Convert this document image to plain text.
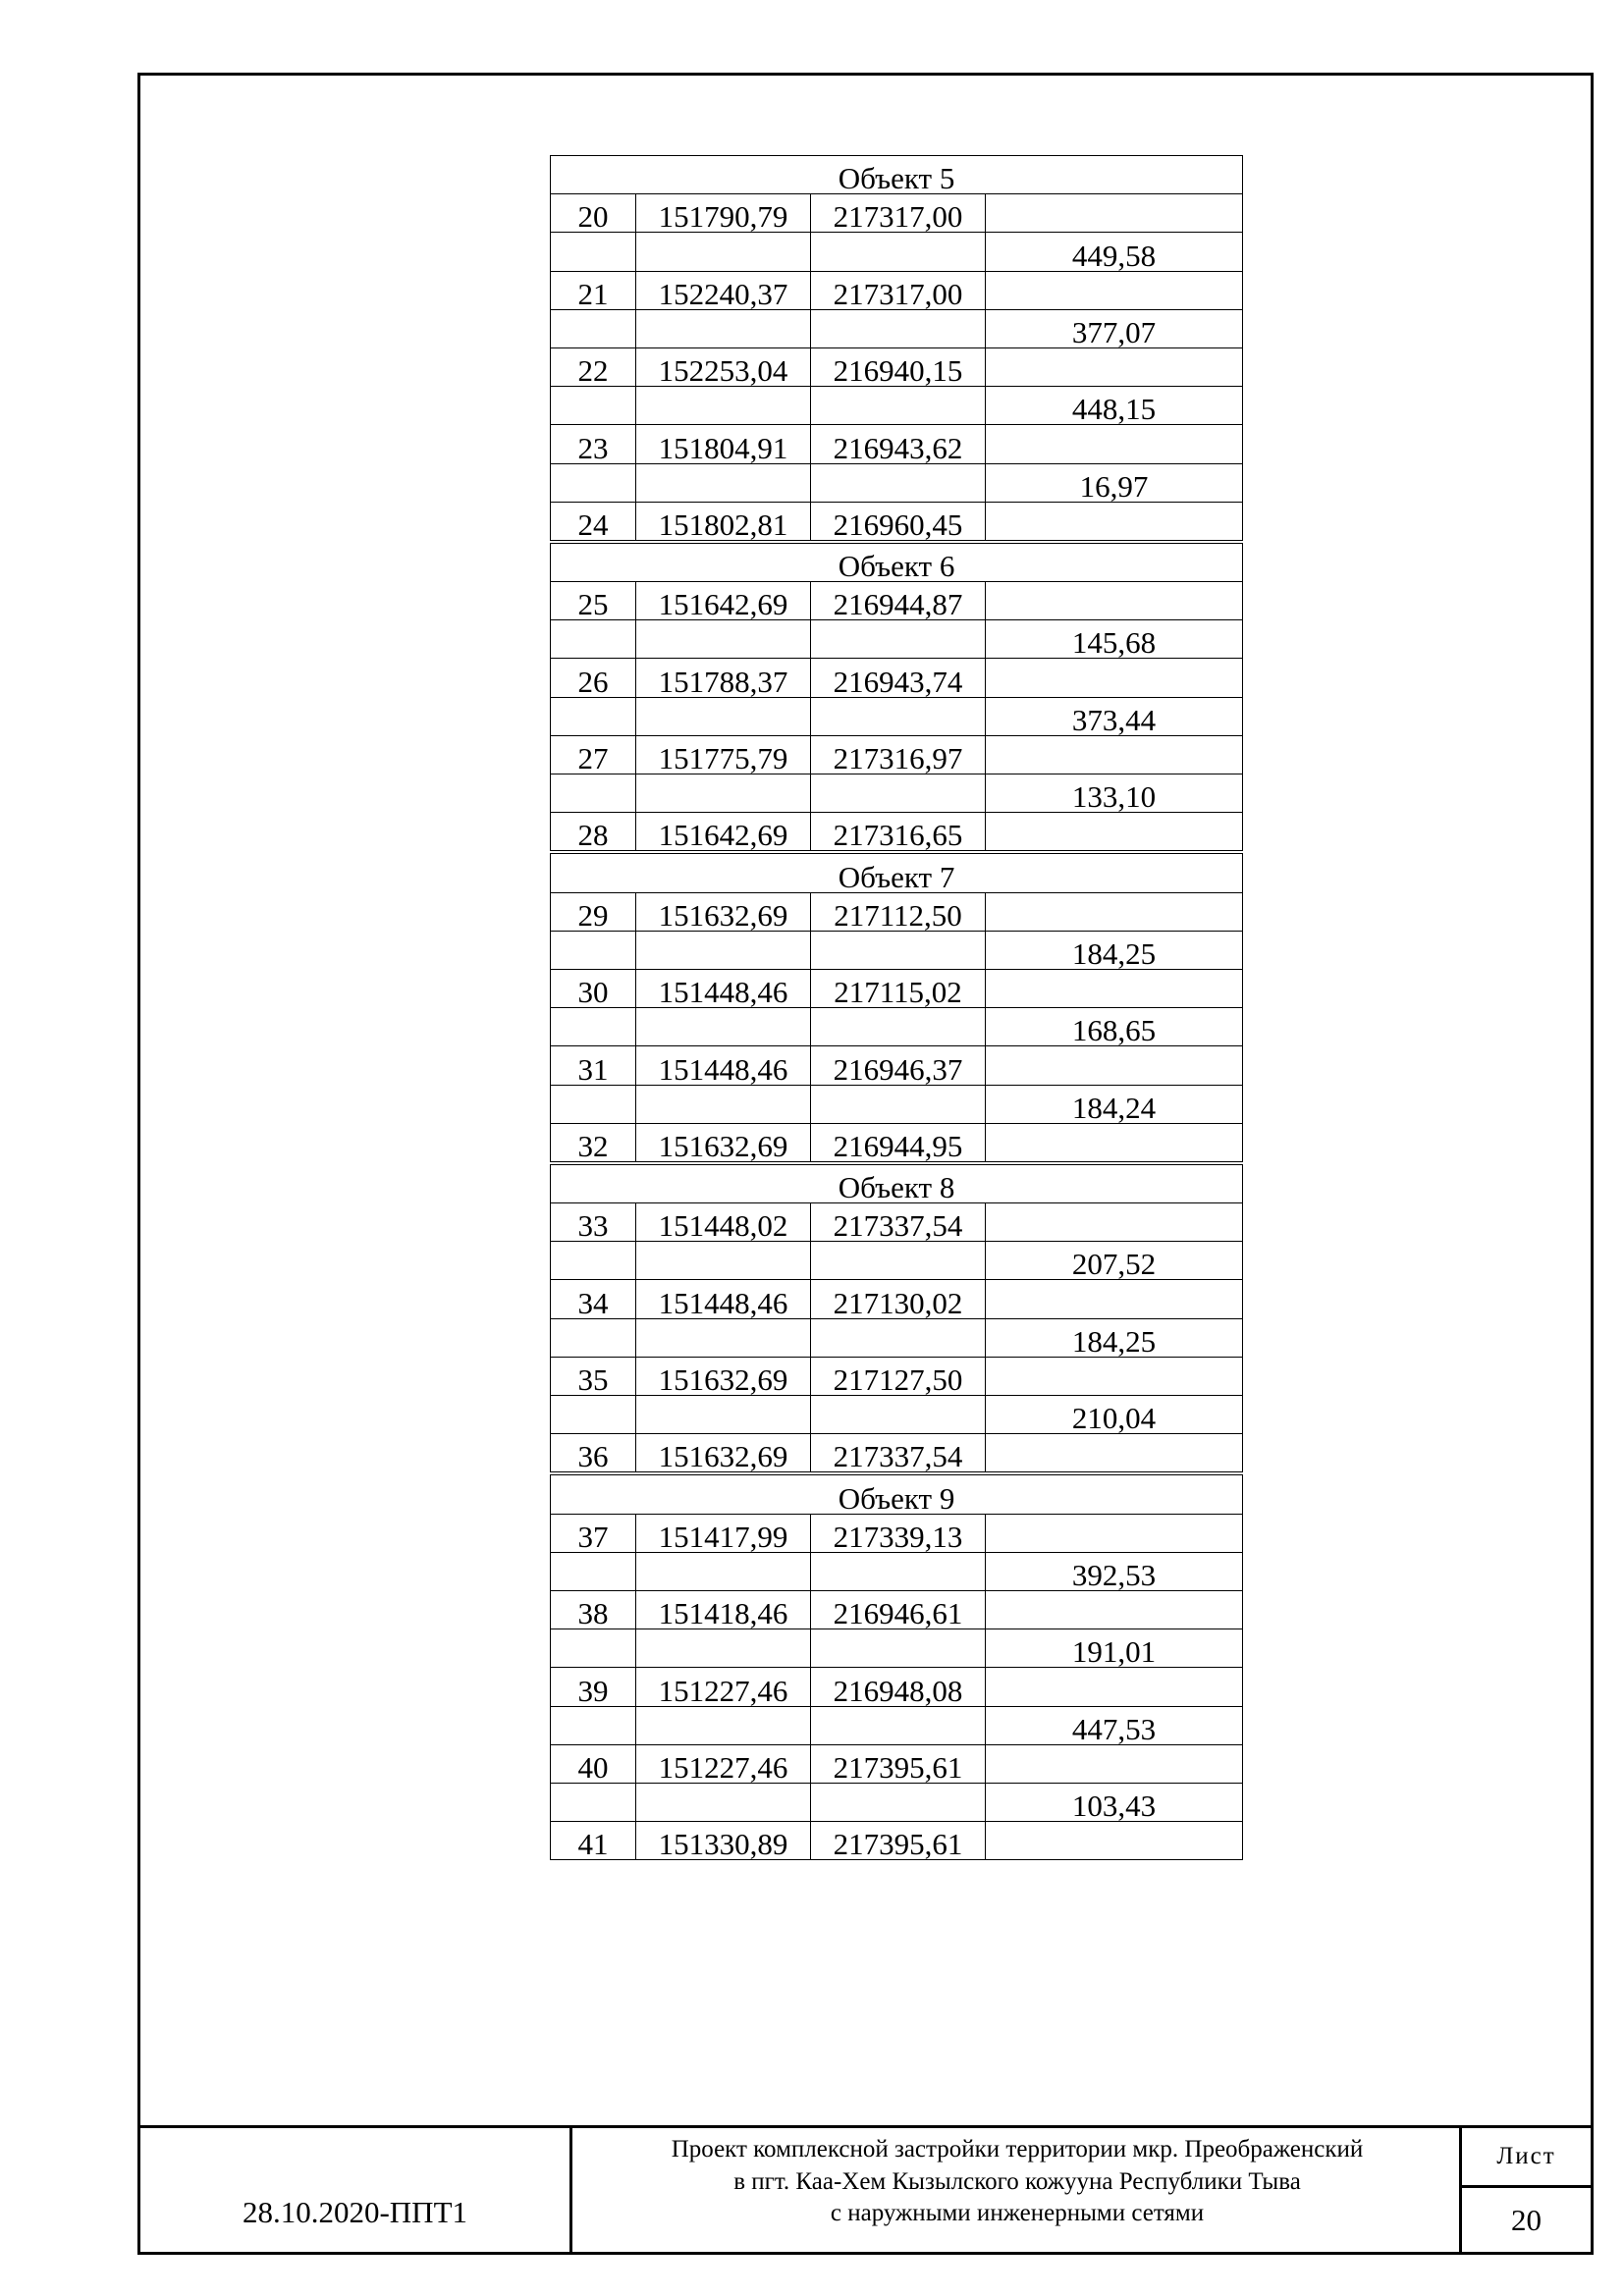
Объект 5			
20	151790,79	217317,00	
			449,58
21	152240,37	217317,00	
			377,07
22	152253,04	216940,15	
			448,15
23	151804,91	216943,62	
			16,97
24	151802,81	216960,45	
Объект 6			
25	151642,69	216944,87	
			145,68
26	151788,37	216943,74	
			373,44
27	151775,79	217316,97	
			133,10
28	151642,69	217316,65	
Объект 7			
29	151632,69	217112,50	
			184,25
30	151448,46	217115,02	
			168,65
31	151448,46	216946,37	
			184,24
32	151632,69	216944,95	
Объект 8			
33	151448,02	217337,54	
			207,52
34	151448,46	217130,02	
			184,25
35	151632,69	217127,50	
			210,04
36	151632,69	217337,54	
Объект 9			
37	151417,99	217339,13	
			392,53
38	151418,46	216946,61	
			191,01
39	151227,46	216948,08	
			447,53
40	151227,46	217395,61	
			103,43
41	151330,89	217395,61	
28.10.2020-ППТ1
Проект комплексной застройки территории мкр. Преображенский
в пгт. Каа-Хем Кызылского кожууна Республики Тыва
с наружными инженерными сетями
Лист
20
